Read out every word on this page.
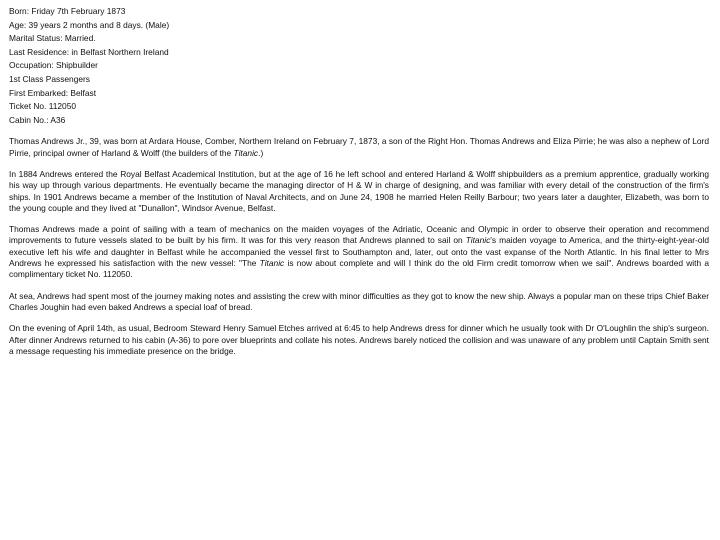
Born: Friday 7th February 1873
Age: 39 years 2 months and 8 days. (Male)
Marital Status: Married.
Last Residence: in Belfast Northern Ireland
Occupation: Shipbuilder
1st Class Passengers
First Embarked: Belfast
Ticket No. 112050
Cabin No.: A36

Thomas Andrews Jr., 39, was born at Ardara House, Comber, Northern Ireland on February 7, 1873, a son of the Right Hon. Thomas Andrews and Eliza Pirrie; he was also a nephew of Lord Pirrie, principal owner of Harland & Wolff (the builders of the Titanic.)

In 1884 Andrews entered the Royal Belfast Academical Institution, but at the age of 16 he left school and entered Harland & Wolff shipbuilders as a premium apprentice, gradually working his way up through various departments. He eventually became the managing director of H & W in charge of designing, and was familiar with every detail of the construction of the firm's ships. In 1901 Andrews became a member of the Institution of Naval Architects, and on June 24, 1908 he married Helen Reilly Barbour; two years later a daughter, Elizabeth, was born to the young couple and they lived at "Dunallon", Windsor Avenue, Belfast.

Thomas Andrews made a point of sailing with a team of mechanics on the maiden voyages of the Adriatic, Oceanic and Olympic in order to observe their operation and recommend improvements to future vessels slated to be built by his firm. It was for this very reason that Andrews planned to sail on Titanic's maiden voyage to America, and the thirty-eight-year-old executive left his wife and daughter in Belfast while he accompanied the vessel first to Southampton and, later, out onto the vast expanse of the North Atlantic. In his final letter to Mrs Andrews he expressed his satisfaction with the new vessel: "The Titanic is now about complete and will I think do the old Firm credit tomorrow when we sail". Andrews boarded with a complimentary ticket No. 112050.

At sea, Andrews had spent most of the journey making notes and assisting the crew with minor difficulties as they got to know the new ship. Always a popular man on these trips Chief Baker Charles Joughin had even baked Andrews a special loaf of bread.

On the evening of April 14th, as usual, Bedroom Steward Henry Samuel Etches arrived at 6:45 to help Andrews dress for dinner which he usually took with Dr O'Loughlin the ship's surgeon. After dinner Andrews returned to his cabin (A-36) to pore over blueprints and collate his notes. Andrews barely noticed the collision and was unaware of any problem until Captain Smith sent a message requesting his immediate presence on the bridge.
